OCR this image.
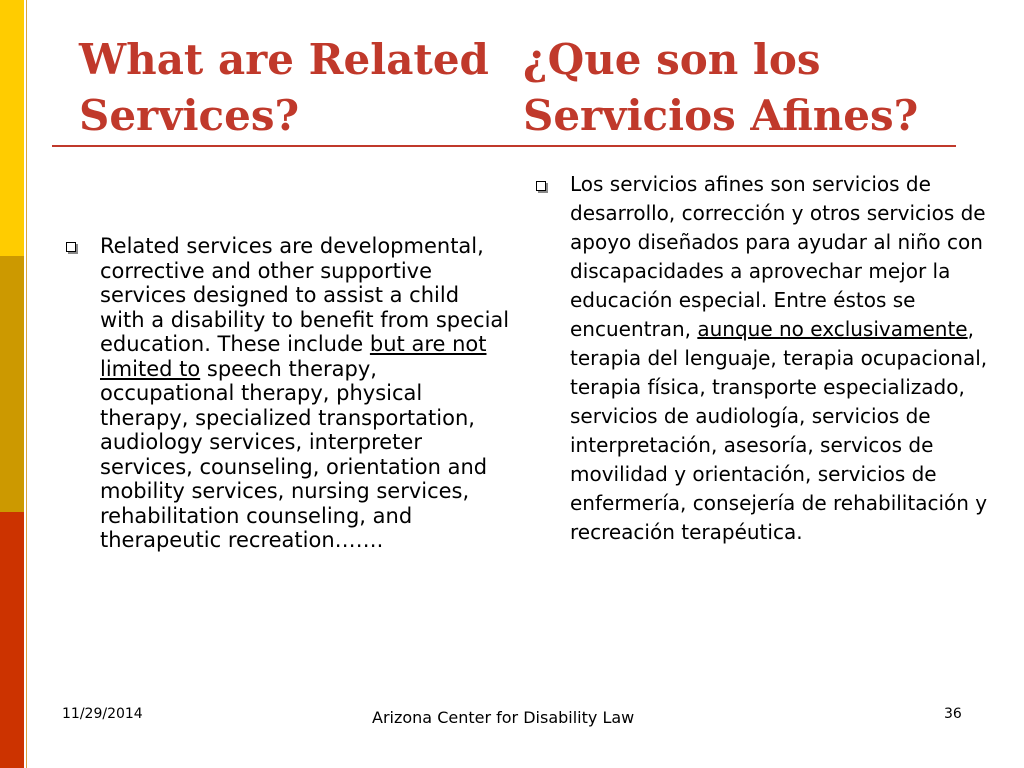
What are Related
Services?
¿Que son los
Servicios Afines?
Related services are developmental, corrective and other supportive services designed to assist a child with a disability to benefit from special education. These include but are not limited to speech therapy, occupational therapy, physical therapy, specialized transportation, audiology services, interpreter services, counseling, orientation and mobility services, nursing services, rehabilitation counseling, and therapeutic recreation…….
Los servicios afines son servicios de desarrollo, corrección y otros servicios de apoyo diseñados para ayudar al niño con discapacidades a aprovechar mejor la educación especial. Entre éstos se encuentran, aunque no exclusivamente, terapia del lenguaje, terapia ocupacional, terapia física, transporte especializado, servicios de audiología, servicios de interpretación, asesoría, servicos de movilidad y orientación, servicios de enfermería, consejería de rehabilitación y recreación terapéutica.
11/29/2014	Arizona Center for Disability Law	36
